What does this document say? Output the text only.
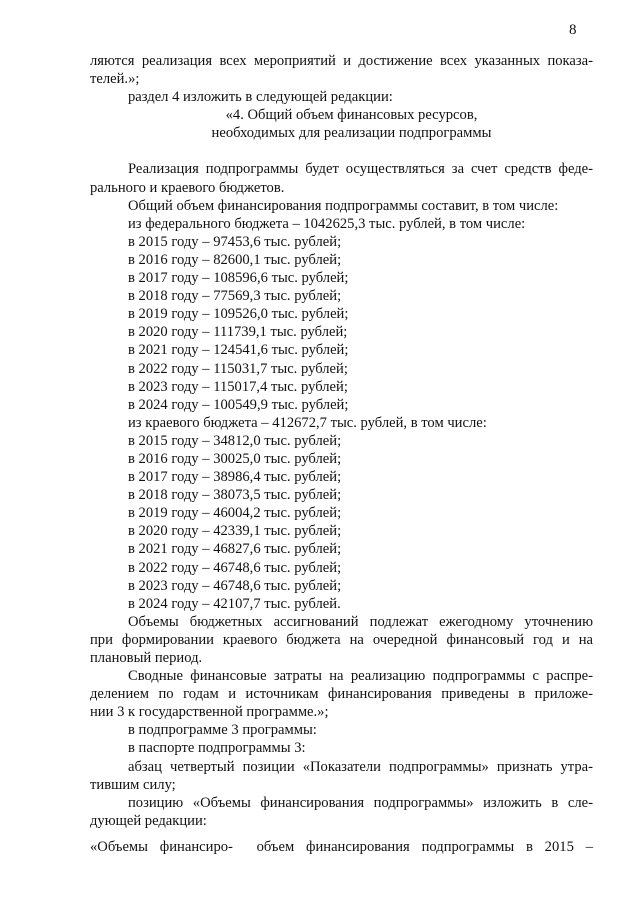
8

ляются реализация всех мероприятий и достижение всех указанных показа-

телей.»;

раздел 4 изложить в следующей редакции:

«4. Общий объем финансовых ресурсов,

необходимых для реализации подпрограммы

Реализация подпрограммы будет осуществляться за счет средств феде-

рального и краевого бюджетов.

Общий объем финансирования подпрограммы составит, в том числе:

из федерального бюджета – 1042625,3 тыс. рублей, в том числе:

в 2015 году – 97453,6 тыс. рублей;

в 2016 году – 82600,1 тыс. рублей;

в 2017 году – 108596,6 тыс. рублей;

в 2018 году – 77569,3 тыс. рублей;

в 2019 году – 109526,0 тыс. рублей;

в 2020 году – 111739,1 тыс. рублей;

в 2021 году – 124541,6 тыс. рублей;

в 2022 году – 115031,7 тыс. рублей;

в 2023 году – 115017,4 тыс. рублей;

в 2024 году – 100549,9 тыс. рублей;

из краевого бюджета – 412672,7 тыс. рублей, в том числе:

в 2015 году – 34812,0 тыс. рублей;

в 2016 году – 30025,0 тыс. рублей;

в 2017 году – 38986,4 тыс. рублей;

в 2018 году – 38073,5 тыс. рублей;

в 2019 году – 46004,2 тыс. рублей;

в 2020 году – 42339,1 тыс. рублей;

в 2021 году – 46827,6 тыс. рублей;

в 2022 году – 46748,6 тыс. рублей;

в 2023 году – 46748,6 тыс. рублей;

в 2024 году – 42107,7 тыс. рублей.

Объемы бюджетных ассигнований подлежат ежегодному уточнению

при формировании краевого бюджета на очередной финансовый год и на

плановый период.

Сводные финансовые затраты на реализацию подпрограммы с распре-

делением по годам и источникам финансирования приведены в приложе-

нии 3 к государственной программе.»;

в подпрограмме 3 программы:

в паспорте подпрограммы 3:

абзац четвертый позиции «Показатели подпрограммы» признать утра-

тившим силу;

позицию «Объемы финансирования подпрограммы» изложить в сле-

дующей редакции:

«Объемы финансиро- объем финансирования подпрограммы в 2015 –
